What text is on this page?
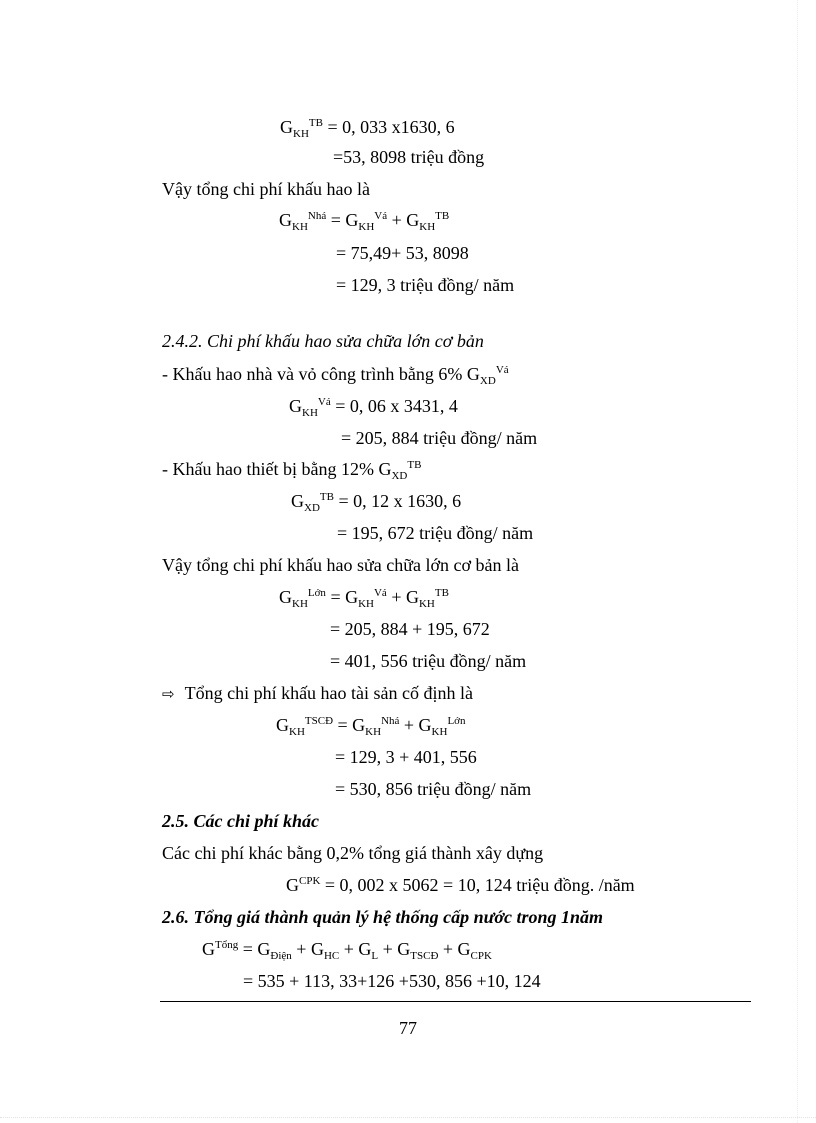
$G_{KH}^{TB} = 0$, 033 x1630, 6
=53, 8098 triệu đồng
Vậy tổng chi phí khấu hao là
$G_{KH}^{Nhá} = G_{KH}^{Vá} + G_{KH}^{TB}$
= 75,49+ 53, 8098
= 129, 3 triệu đồng/ năm
2.4.2. Chi phí khấu hao sửa chữa lớn cơ bản
- Khấu hao nhà và vỏ công trình bằng 6% $G_{XD}^{Vá}$
$G_{KH}^{Vá} = 0$, 06 x 3431, 4
= 205, 884 triệu đồng/ năm
- Khấu hao thiết bị bằng 12% $G_{XD}^{TB}$
$G_{XD}^{TB} = 0$, 12 x 1630, 6
= 195, 672 triệu đồng/ năm
Vậy tổng chi phí khấu hao sửa chữa lớn cơ bản là
$G_{KH}^{Lớn} = G_{KH}^{Vá} + G_{KH}^{TB}$
= 205, 884 + 195, 672
= 401, 556 triệu đồng/ năm
⇨ Tổng chi phí khấu hao tài sản cố định là
$G_{KH}^{TSCĐ} = G_{KH}^{Nhá} + G_{KH}^{Lớn}$
= 129, 3 + 401, 556
= 530, 856 triệu đồng/ năm
2.5. Các chi phí khác
Các chi phí khác bằng 0,2% tổng giá thành xây dựng
$G^{CPK} = 0$, 002 x 5062 = 10, 124 triệu đồng. /năm
2.6. Tổng giá thành quản lý hệ thống cấp nước trong 1năm
$G^{Tổng} = G_{Điện} + G_{HC} + G_L + G_{TSCĐ} + G_{CPK}$
= 535 + 113, 33+126 +530, 856 +10, 124
77
